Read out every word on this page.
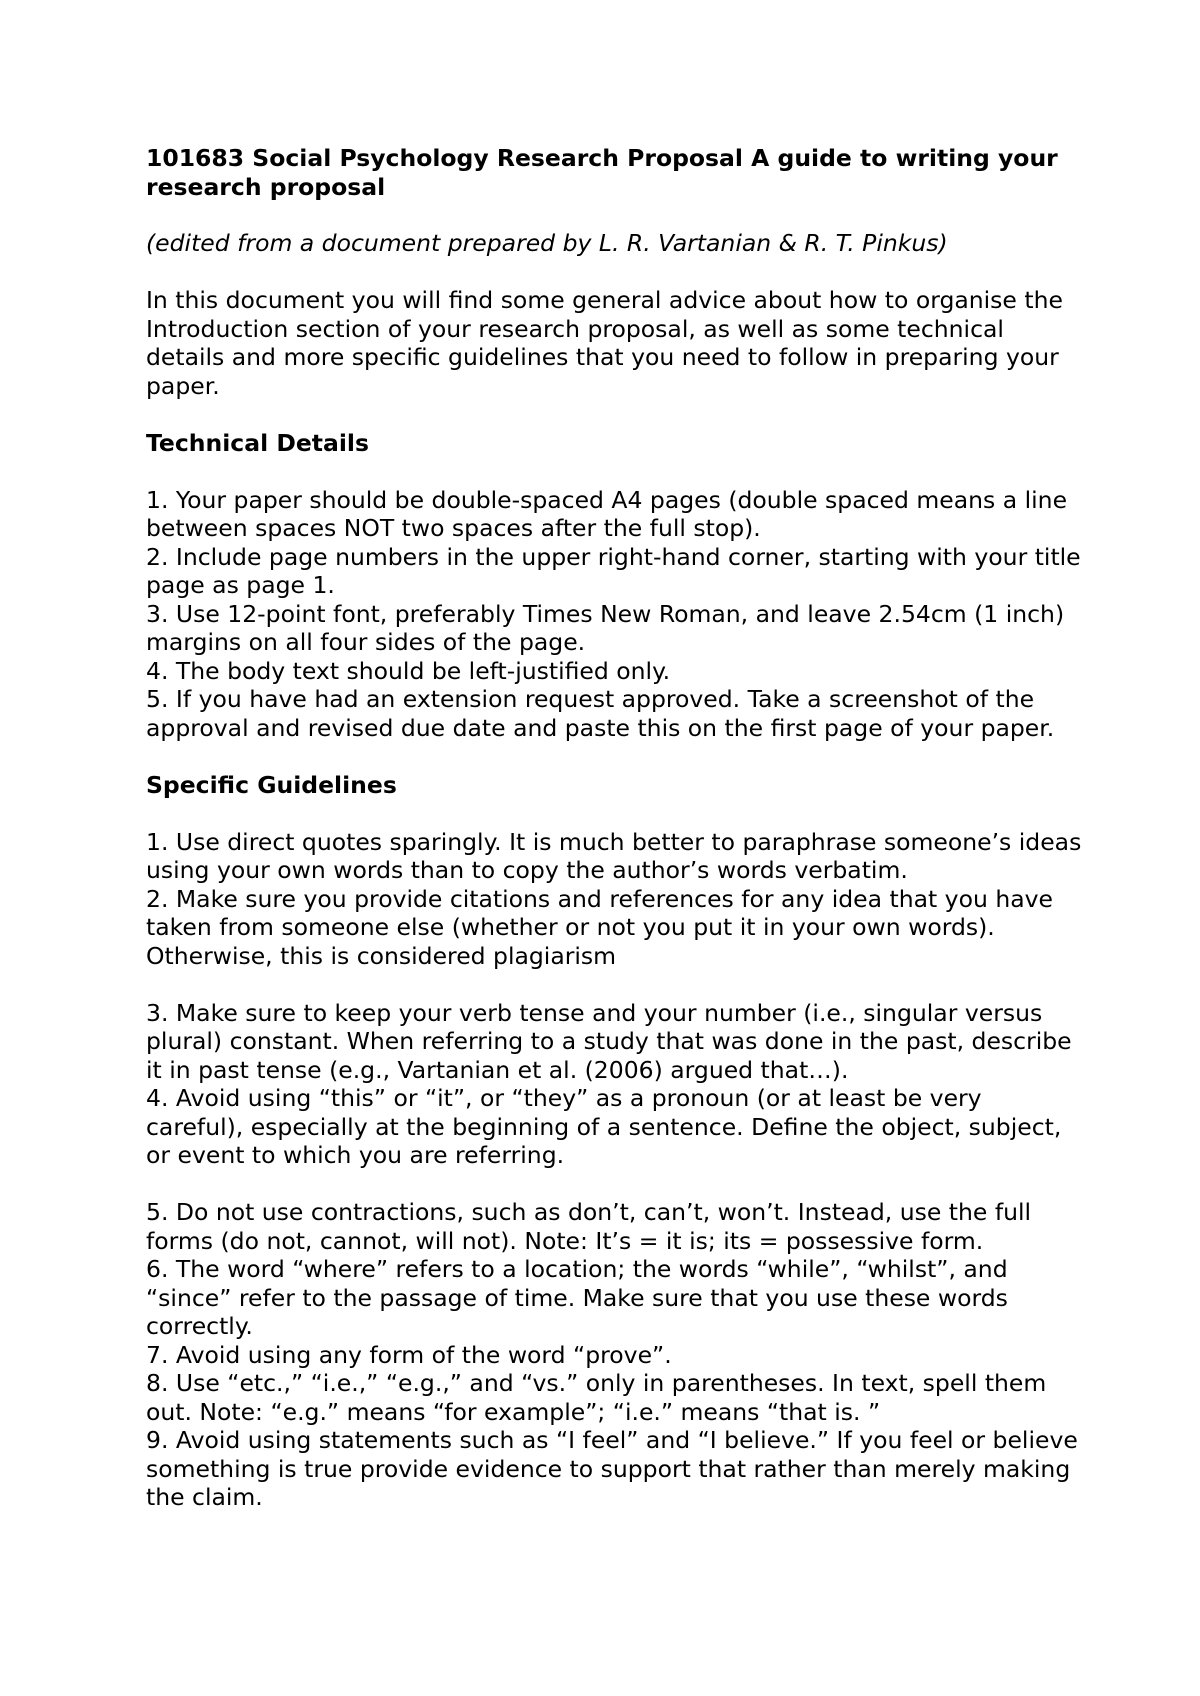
101683 Social Psychology Research Proposal A guide to writing your research proposal

(edited from a document prepared by L. R. Vartanian & R. T. Pinkus)

In this document you will find some general advice about how to organise the Introduction section of your research proposal, as well as some technical details and more specific guidelines that you need to follow in preparing your paper.

Technical Details

1. Your paper should be double-spaced A4 pages (double spaced means a line between spaces NOT two spaces after the full stop).
2. Include page numbers in the upper right-hand corner, starting with your title page as page 1.
3. Use 12-point font, preferably Times New Roman, and leave 2.54cm (1 inch) margins on all four sides of the page.
4. The body text should be left-justified only.
5. If you have had an extension request approved. Take a screenshot of the approval and revised due date and paste this on the first page of your paper.

Specific Guidelines

1. Use direct quotes sparingly. It is much better to paraphrase someone’s ideas using your own words than to copy the author’s words verbatim.
2. Make sure you provide citations and references for any idea that you have taken from someone else (whether or not you put it in your own words). Otherwise, this is considered plagiarism
3. Make sure to keep your verb tense and your number (i.e., singular versus plural) constant. When referring to a study that was done in the past, describe it in past tense (e.g., Vartanian et al. (2006) argued that…).
4. Avoid using “this” or “it”, or “they” as a pronoun (or at least be very careful), especially at the beginning of a sentence. Define the object, subject, or event to which you are referring.
5. Do not use contractions, such as don’t, can’t, won’t. Instead, use the full forms (do not, cannot, will not). Note: It’s = it is; its = possessive form.
6. The word “where” refers to a location; the words “while”, “whilst”, and “since” refer to the passage of time. Make sure that you use these words correctly.
7. Avoid using any form of the word “prove”.
8. Use “etc.,” “i.e.,” “e.g.,” and “vs.” only in parentheses. In text, spell them out. Note: “e.g.” means “for example”; “i.e.” means “that is. ”
9. Avoid using statements such as “I feel” and “I believe.” If you feel or believe something is true provide evidence to support that rather than merely making the claim.
